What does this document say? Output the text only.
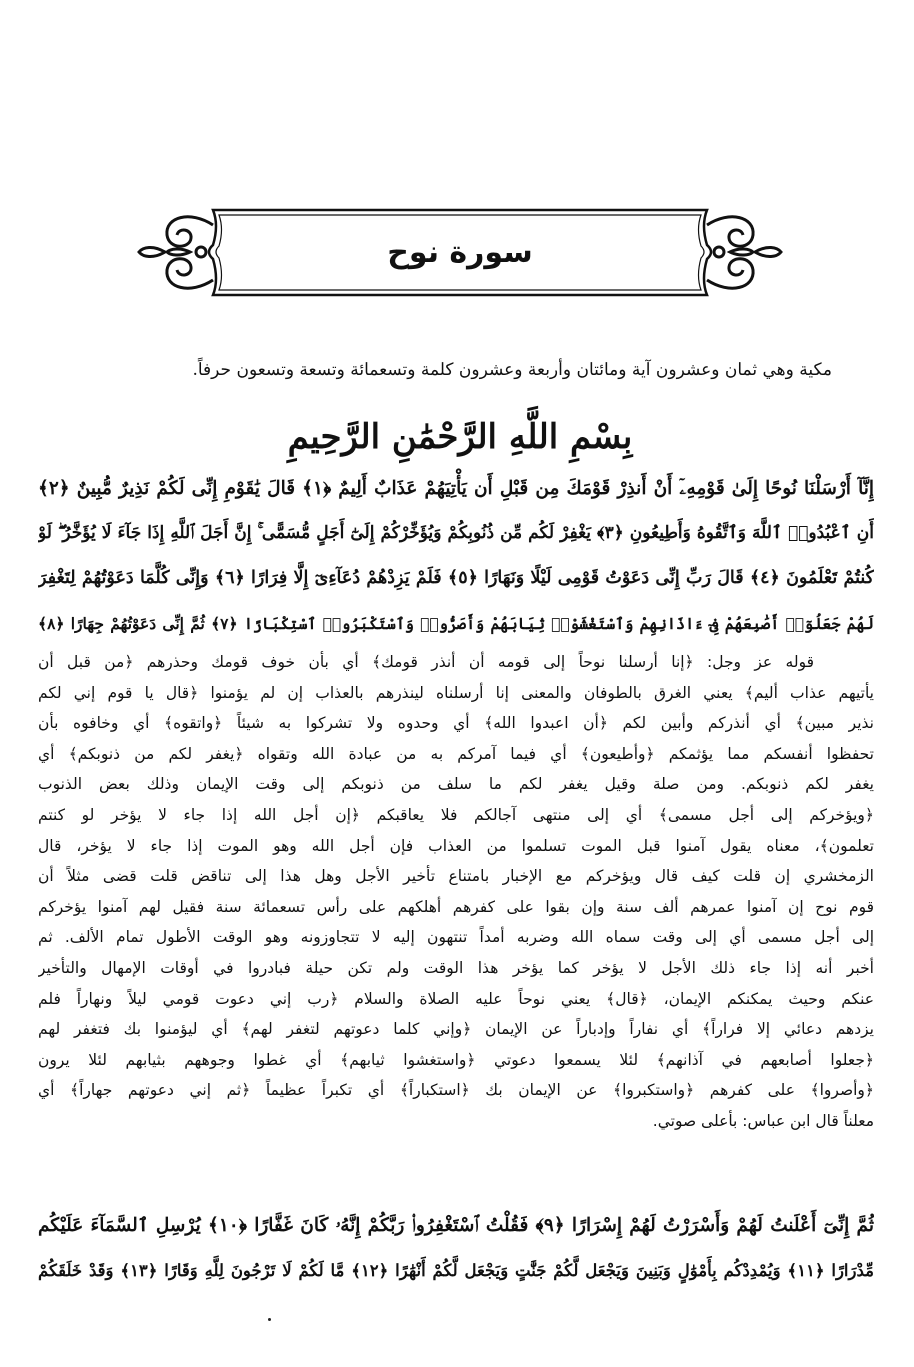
سورة نوح
مكية وهي ثمان وعشرون آية ومائتان وأربعة وعشرون كلمة وتسعمائة وتسعة وتسعون حرفاً.
بِسْمِ اللَّهِ الرَّحْمَٰنِ الرَّحِيمِ
إِنَّآ أَرْسَلْنَا نُوحًا إِلَىٰ قَوْمِهِۦٓ أَنْ أَنذِرْ قَوْمَكَ مِن قَبْلِ أَن يَأْتِيَهُمْ عَذَابٌ أَلِيمٌ ﴿١﴾ قَالَ يَٰقَوْمِ إِنِّى لَكُمْ نَذِيرٌ مُّبِينٌ ﴿٢﴾
أَنِ ٱعْبُدُوا۟ ٱللَّهَ وَٱتَّقُوهُ وَأَطِيعُونِ ﴿٣﴾ يَغْفِرْ لَكُم مِّن ذُنُوبِكُمْ وَيُؤَخِّرْكُمْ إِلَىٰٓ أَجَلٍ مُّسَمًّى ۚ إِنَّ أَجَلَ ٱللَّهِ إِذَا جَآءَ لَا يُؤَخَّرُ ۖ لَوْ
كُنتُمْ تَعْلَمُونَ ﴿٤﴾ قَالَ رَبِّ إِنِّى دَعَوْتُ قَوْمِى لَيْلًا وَنَهَارًا ﴿٥﴾ فَلَمْ يَزِدْهُمْ دُعَآءِىٓ إِلَّا فِرَارًا ﴿٦﴾ وَإِنِّى كُلَّمَا دَعَوْتُهُمْ لِتَغْفِرَ
لَهُمْ جَعَلُوٓا۟ أَصَٰبِعَهُمْ فِىٓ ءَاذَانِهِمْ وَٱسْتَغْشَوْا۟ ثِيَابَهُمْ وَأَصَرُّوا۟ وَٱسْتَكْبَرُوا۟ ٱسْتِكْبَارًا ﴿٧﴾ ثُمَّ إِنِّى دَعَوْتُهُمْ جِهَارًا ﴿٨﴾
قوله عز وجل: ﴿إنا أرسلنا نوحاً إلى قومه أن أنذر قومك﴾ أي بأن خوف قومك وحذرهم ﴿من قبل أن
يأتيهم عذاب أليم﴾ يعني الغرق بالطوفان والمعنى إنا أرسلناه لينذرهم بالعذاب إن لم يؤمنوا ﴿قال يا قوم إني لكم
نذير مبين﴾ أي أنذركم وأبين لكم ﴿أن اعبدوا الله﴾ أي وحدوه ولا تشركوا به شيئاً ﴿واتقوه﴾ أي وخافوه بأن
تحفظوا أنفسكم مما يؤثمكم ﴿وأطيعون﴾ أي فيما آمركم به من عبادة الله وتقواه ﴿يغفر لكم من ذنوبكم﴾ أي
يغفر لكم ذنوبكم. ومن صلة وقيل يغفر لكم ما سلف من ذنوبكم إلى وقت الإيمان وذلك بعض الذنوب
﴿ويؤخركم إلى أجل مسمى﴾ أي إلى منتهى آجالكم فلا يعاقبكم ﴿إن أجل الله إذا جاء لا يؤخر لو كنتم
تعلمون﴾، معناه يقول آمنوا قبل الموت تسلموا من العذاب فإن أجل الله وهو الموت إذا جاء لا يؤخر، قال
الزمخشري إن قلت كيف قال ويؤخركم مع الإخبار بامتناع تأخير الأجل وهل هذا إلى تناقض قلت قضى مثلاً أن
قوم نوح إن آمنوا عمرهم ألف سنة وإن بقوا على كفرهم أهلكهم على رأس تسعمائة سنة فقيل لهم آمنوا يؤخركم
إلى أجل مسمى أي إلى وقت سماه الله وضربه أمداً تنتهون إليه لا تتجاوزونه وهو الوقت الأطول تمام الألف. ثم
أخبر أنه إذا جاء ذلك الأجل لا يؤخر كما يؤخر هذا الوقت ولم تكن حيلة فبادروا في أوقات الإمهال والتأخير
عنكم وحيث يمكنكم الإيمان، ﴿قال﴾ يعني نوحاً عليه الصلاة والسلام ﴿رب إني دعوت قومي ليلاً ونهاراً فلم
يزدهم دعائي إلا فراراً﴾ أي نفاراً وإدباراً عن الإيمان ﴿وإني كلما دعوتهم لتغفر لهم﴾ أي ليؤمنوا بك فتغفر لهم
﴿جعلوا أصابعهم في آذانهم﴾ لئلا يسمعوا دعوتي ﴿واستغشوا ثيابهم﴾ أي غطوا وجوههم بثيابهم لئلا يرون
﴿وأصروا﴾ على كفرهم ﴿واستكبروا﴾ عن الإيمان بك ﴿استكباراً﴾ أي تكبراً عظيماً ﴿ثم إني دعوتهم جهاراً﴾ أي
معلناً قال ابن عباس: بأعلى صوتي.
ثُمَّ إِنِّىٓ أَعْلَنتُ لَهُمْ وَأَسْرَرْتُ لَهُمْ إِسْرَارًا ﴿٩﴾ فَقُلْتُ ٱسْتَغْفِرُوا۟ رَبَّكُمْ إِنَّهُۥ كَانَ غَفَّارًا ﴿١٠﴾ يُرْسِلِ ٱلسَّمَآءَ عَلَيْكُم
مِّدْرَارًا ﴿١١﴾ وَيُمْدِدْكُم بِأَمْوَٰلٍ وَبَنِينَ وَيَجْعَل لَّكُمْ جَنَّٰتٍ وَيَجْعَل لَّكُمْ أَنْهَٰرًا ﴿١٢﴾ مَّا لَكُمْ لَا تَرْجُونَ لِلَّهِ وَقَارًا ﴿١٣﴾ وَقَدْ خَلَقَكُمْ
